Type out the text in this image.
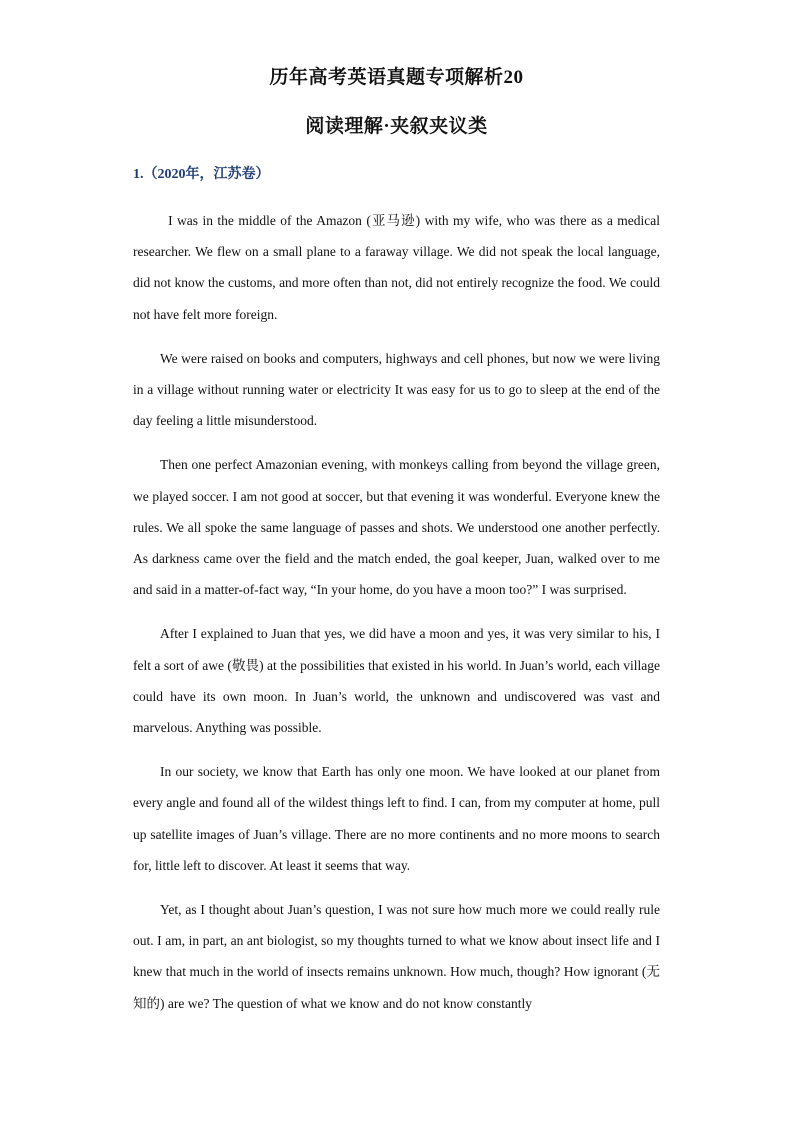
历年高考英语真题专项解析20
阅读理解·夹叙夹议类
1.（2020年，江苏卷）

I was in the middle of the Amazon (亚马逊) with my wife, who was there as a medical researcher. We flew on a small plane to a faraway village. We did not speak the local language, did not know the customs, and more often than not, did not entirely recognize the food. We could not have felt more foreign.

We were raised on books and computers, highways and cell phones, but now we were living in a village without running water or electricity It was easy for us to go to sleep at the end of the day feeling a little misunderstood.

Then one perfect Amazonian evening, with monkeys calling from beyond the village green, we played soccer. I am not good at soccer, but that evening it was wonderful. Everyone knew the rules. We all spoke the same language of passes and shots. We understood one another perfectly. As darkness came over the field and the match ended, the goal keeper, Juan, walked over to me and said in a matter-of-fact way, “In your home, do you have a moon too?” I was surprised.

After I explained to Juan that yes, we did have a moon and yes, it was very similar to his, I felt a sort of awe (敬畏) at the possibilities that existed in his world. In Juan’s world, each village could have its own moon. In Juan’s world, the unknown and undiscovered was vast and marvelous. Anything was possible.

In our society, we know that Earth has only one moon. We have looked at our planet from every angle and found all of the wildest things left to find. I can, from my computer at home, pull up satellite images of Juan’s village. There are no more continents and no more moons to search for, little left to discover. At least it seems that way.

Yet, as I thought about Juan’s question, I was not sure how much more we could really rule out. I am, in part, an ant biologist, so my thoughts turned to what we know about insect life and I knew that much in the world of insects remains unknown. How much, though? How ignorant (无知的) are we? The question of what we know and do not know constantly
